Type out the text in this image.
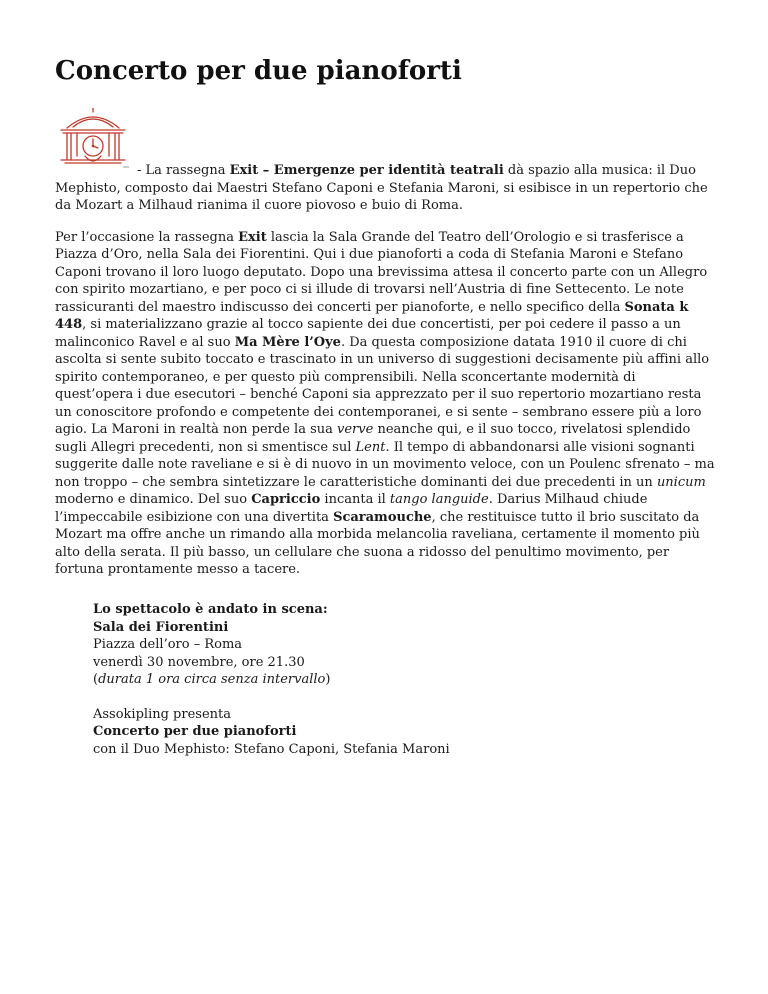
Concerto per due pianoforti

- La rassegna Exit – Emergenze per identità teatrali dà spazio alla musica: il Duo Mephisto, composto dai Maestri Stefano Caponi e Stefania Maroni, si esibisce in un repertorio che da Mozart a Milhaud rianima il cuore piovoso e buio di Roma.

Per l’occasione la rassegna Exit lascia la Sala Grande del Teatro dell’Orologio e si trasferisce a Piazza d’Oro, nella Sala dei Fiorentini. Qui i due pianoforti a coda di Stefania Maroni e Stefano Caponi trovano il loro luogo deputato. Dopo una brevissima attesa il concerto parte con un Allegro con spirito mozartiano, e per poco ci si illude di trovarsi nell’Austria di fine Settecento. Le note rassicuranti del maestro indiscusso dei concerti per pianoforte, e nello specifico della Sonata k 448, si materializzano grazie al tocco sapiente dei due concertisti, per poi cedere il passo a un malinconico Ravel e al suo Ma Mère l’Oye. Da questa composizione datata 1910 il cuore di chi ascolta si sente subito toccato e trascinato in un universo di suggestioni decisamente più affini allo spirito contemporaneo, e per questo più comprensibili. Nella sconcertante modernità di quest’opera i due esecutori – benché Caponi sia apprezzato per il suo repertorio mozartiano resta un conoscitore profondo e competente dei contemporanei, e si sente – sembrano essere più a loro agio. La Maroni in realtà non perde la sua verve neanche qui, e il suo tocco, rivelatosi splendido sugli Allegri precedenti, non si smentisce sul Lent. Il tempo di abbandonarsi alle visioni sognanti suggerite dalle note raveliane e si è di nuovo in un movimento veloce, con un Poulenc sfrenato – ma non troppo – che sembra sintetizzare le caratteristiche dominanti dei due precedenti in un unicum moderno e dinamico. Del suo Capriccio incanta il tango languide. Darius Milhaud chiude l’impeccabile esibizione con una divertita Scaramouche, che restituisce tutto il brio suscitato da Mozart ma offre anche un rimando alla morbida melancolia raveliana, certamente il momento più alto della serata. Il più basso, un cellulare che suona a ridosso del penultimo movimento, per fortuna prontamente messo a tacere.

Lo spettacolo è andato in scena:
Sala dei Fiorentini
Piazza dell’oro – Roma
venerdì 30 novembre, ore 21.30
(durata 1 ora circa senza intervallo)
Assokipling presenta
Concerto per due pianoforti
con il Duo Mephisto: Stefano Caponi, Stefania Maroni
